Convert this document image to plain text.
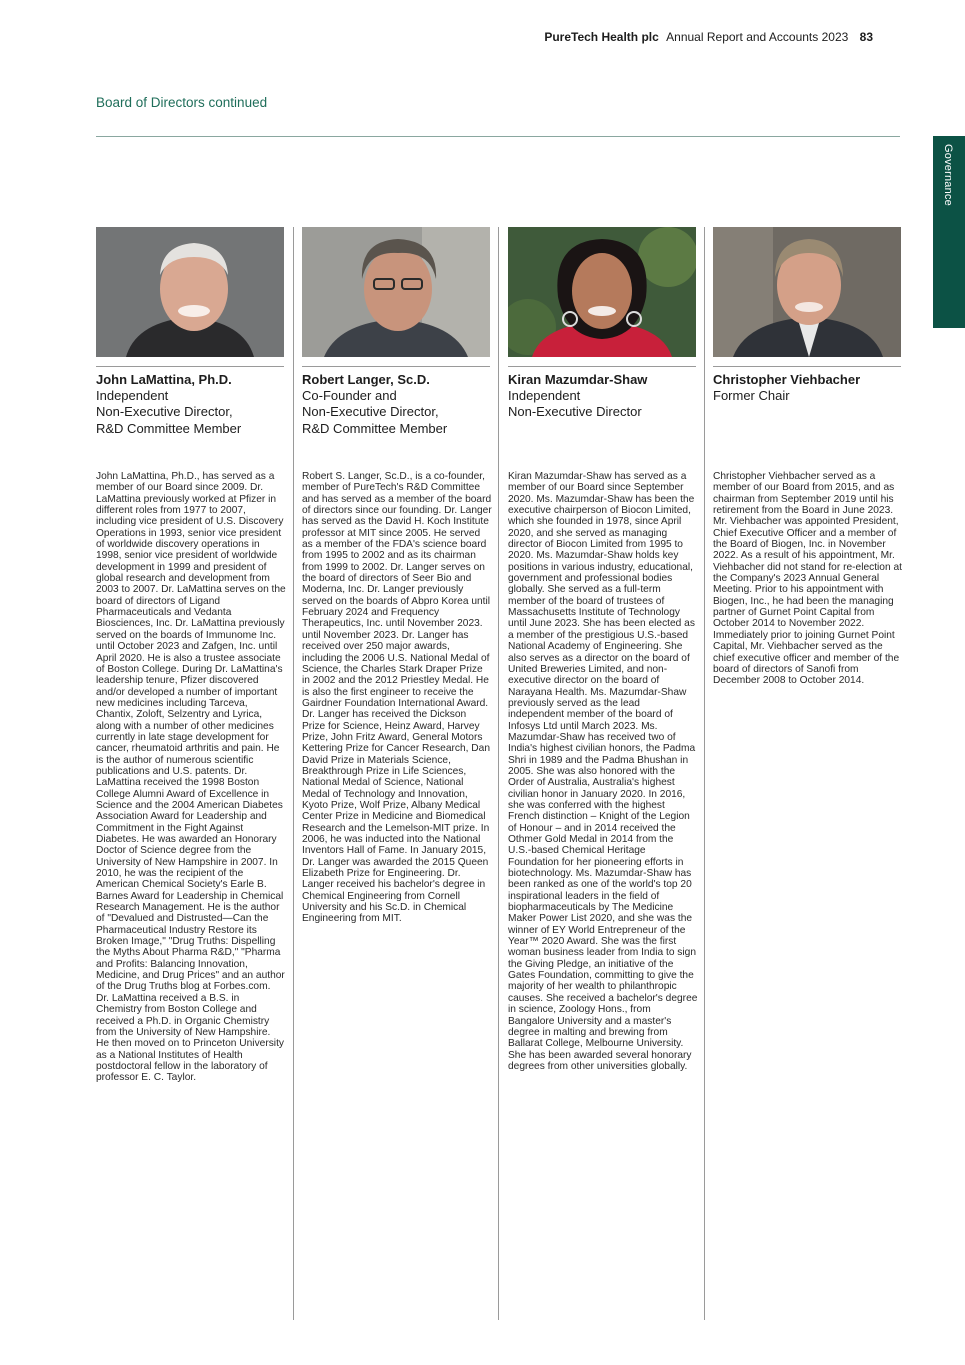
PureTech Health plc Annual Report and Accounts 2023 83
Board of Directors continued
Governance
John LaMattina, Ph.D.
Independent
Non-Executive Director,
R&D Committee Member
John LaMattina, Ph.D., has served as a member of our Board since 2009. Dr. LaMattina previously worked at Pfizer in different roles from 1977 to 2007, including vice president of U.S. Discovery Operations in 1993, senior vice president of worldwide discovery operations in 1998, senior vice president of worldwide development in 1999 and president of global research and development from 2003 to 2007. Dr. LaMattina serves on the board of directors of Ligand Pharmaceuticals and Vedanta Biosciences, Inc. Dr. LaMattina previously served on the boards of Immunome Inc. until October 2023 and Zafgen, Inc. until April 2020. He is also a trustee associate of Boston College. During Dr. LaMattina's leadership tenure, Pfizer discovered and/or developed a number of important new medicines including Tarceva, Chantix, Zoloft, Selzentry and Lyrica, along with a number of other medicines currently in late stage development for cancer, rheumatoid arthritis and pain. He is the author of numerous scientific publications and U.S. patents. Dr. LaMattina received the 1998 Boston College Alumni Award of Excellence in Science and the 2004 American Diabetes Association Award for Leadership and Commitment in the Fight Against Diabetes. He was awarded an Honorary Doctor of Science degree from the University of New Hampshire in 2007. In 2010, he was the recipient of the American Chemical Society's Earle B. Barnes Award for Leadership in Chemical Research Management. He is the author of "Devalued and Distrusted—Can the Pharmaceutical Industry Restore its Broken Image," "Drug Truths: Dispelling the Myths About Pharma R&D," "Pharma and Profits: Balancing Innovation, Medicine, and Drug Prices" and an author of the Drug Truths blog at Forbes.com. Dr. LaMattina received a B.S. in Chemistry from Boston College and received a Ph.D. in Organic Chemistry from the University of New Hampshire. He then moved on to Princeton University as a National Institutes of Health postdoctoral fellow in the laboratory of professor E. C. Taylor.
Robert Langer, Sc.D.
Co-Founder and
Non-Executive Director,
R&D Committee Member
Robert S. Langer, Sc.D., is a co-founder, member of PureTech's R&D Committee and has served as a member of the board of directors since our founding. Dr. Langer has served as the David H. Koch Institute professor at MIT since 2005. He served as a member of the FDA's science board from 1995 to 2002 and as its chairman from 1999 to 2002. Dr. Langer serves on the board of directors of Seer Bio and Moderna, Inc. Dr. Langer previously served on the boards of Abpro Korea until February 2024 and Frequency Therapeutics, Inc. until November 2023. until November 2023. Dr. Langer has received over 250 major awards, including the 2006 U.S. National Medal of Science, the Charles Stark Draper Prize in 2002 and the 2012 Priestley Medal. He is also the first engineer to receive the Gairdner Foundation International Award. Dr. Langer has received the Dickson Prize for Science, Heinz Award, Harvey Prize, John Fritz Award, General Motors Kettering Prize for Cancer Research, Dan David Prize in Materials Science, Breakthrough Prize in Life Sciences, National Medal of Science, National Medal of Technology and Innovation, Kyoto Prize, Wolf Prize, Albany Medical Center Prize in Medicine and Biomedical Research and the Lemelson-MIT prize. In 2006, he was inducted into the National Inventors Hall of Fame. In January 2015, Dr. Langer was awarded the 2015 Queen Elizabeth Prize for Engineering. Dr. Langer received his bachelor's degree in Chemical Engineering from Cornell University and his Sc.D. in Chemical Engineering from MIT.
Kiran Mazumdar-Shaw
Independent
Non-Executive Director
Kiran Mazumdar-Shaw has served as a member of our Board since September 2020. Ms. Mazumdar-Shaw has been the executive chairperson of Biocon Limited, which she founded in 1978, since April 2020, and she served as managing director of Biocon Limited from 1995 to 2020. Ms. Mazumdar-Shaw holds key positions in various industry, educational, government and professional bodies globally. She served as a full-term member of the board of trustees of Massachusetts Institute of Technology until June 2023. She has been elected as a member of the prestigious U.S.-based National Academy of Engineering. She also serves as a director on the board of United Breweries Limited, and non-executive director on the board of Narayana Health. Ms. Mazumdar-Shaw previously served as the lead independent member of the board of Infosys Ltd until March 2023. Ms. Mazumdar-Shaw has received two of India's highest civilian honors, the Padma Shri in 1989 and the Padma Bhushan in 2005. She was also honored with the Order of Australia, Australia's highest civilian honor in January 2020. In 2016, she was conferred with the highest French distinction – Knight of the Legion of Honour – and in 2014 received the Othmer Gold Medal in 2014 from the U.S.-based Chemical Heritage Foundation for her pioneering efforts in biotechnology. Ms. Mazumdar-Shaw has been ranked as one of the world's top 20 inspirational leaders in the field of biopharmaceuticals by The Medicine Maker Power List 2020, and she was the winner of EY World Entrepreneur of the Year™ 2020 Award. She was the first woman business leader from India to sign the Giving Pledge, an initiative of the Gates Foundation, committing to give the majority of her wealth to philanthropic causes. She received a bachelor's degree in science, Zoology Hons., from Bangalore University and a master's degree in malting and brewing from Ballarat College, Melbourne University. She has been awarded several honorary degrees from other universities globally.
Christopher Viehbacher
Former Chair
Christopher Viehbacher served as a member of our Board from 2015, and as chairman from September 2019 until his retirement from the Board in June 2023. Mr. Viehbacher was appointed President, Chief Executive Officer and a member of the Board of Biogen, Inc. in November 2022. As a result of his appointment, Mr. Viehbacher did not stand for re-election at the Company's 2023 Annual General Meeting. Prior to his appointment with Biogen, Inc., he had been the managing partner of Gurnet Point Capital from October 2014 to November 2022. Immediately prior to joining Gurnet Point Capital, Mr. Viehbacher served as the chief executive officer and member of the board of directors of Sanofi from December 2008 to October 2014.
